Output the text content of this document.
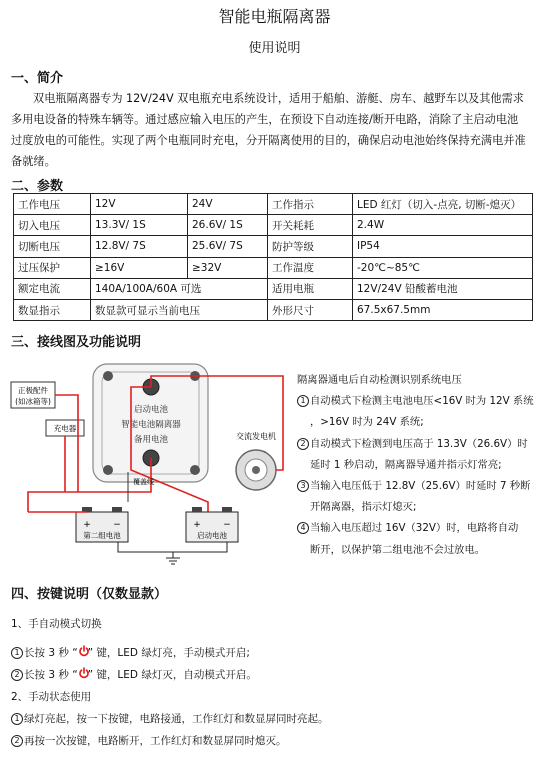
智能电瓶隔离器
使用说明
一、简介

双电瓶隔离器专为 12V/24V 双电瓶充电系统设计，适用于船舶、游艇、房车、越野车以及其他需求

多用电设备的特殊车辆等。通过感应输入电压的产生，在预设下自动连接/断开电路，消除了主启动电池

过度放电的可能性。实现了两个电瓶同时充电，分开隔离使用的目的，确保启动电池始终保持充满电并准

备就绪。

二、参数
工作电压	12V	24V	工作指示	LED 红灯（切入-点亮, 切断-熄灭）
切入电压	13.3V/ 1S	26.6V/ 1S	开关耗耗	2.4W
切断电压	12.8V/ 7S	25.6V/ 7S	防护等级	IP54
过压保护	≥16V	≥32V	工作温度	-20℃~85℃
额定电流	140A/100A/60A 可选		适用电瓶	12V/24V 铅酸蓄电池
数显指示	数显款可显示当前电压		外形尺寸	67.5x67.5mm
三、接线图及功能说明
启动电池
智能电池隔离器
备用电池
正极配件
(如冰箱等)
充电器
交流发电机
覆盖线
+ −
第二组电池
+ −
启动电池
隔离器通电后自动检测识别系统电压
1 自动模式下检测主电池电压<16V 时为 12V 系统
，>16V 时为 24V 系统;
2 自动模式下检测到电压高于 13.3V（26.6V）时
延时 1 秒启动，隔离器导通并指示灯常亮;
3 当输入电压低于 12.8V（25.6V）时延时 7 秒断
开隔离器，指示灯熄灭;
4 当输入电压超过 16V（32V）时，电路将自动
断开，以保护第二组电池不会过放电。
四、按键说明（仅数显款）
1、手自动模式切换
1 长按 3 秒 “ ” 键，LED 绿灯亮，手动模式开启;
2 长按 3 秒 “ ” 键，LED 绿灯灭，自动模式开启。
2、手动状态使用
1 绿灯亮起，按一下按键，电路接通，工作红灯和数显屏同时亮起。
2 再按一次按键，电路断开，工作红灯和数显屏同时熄灭。
